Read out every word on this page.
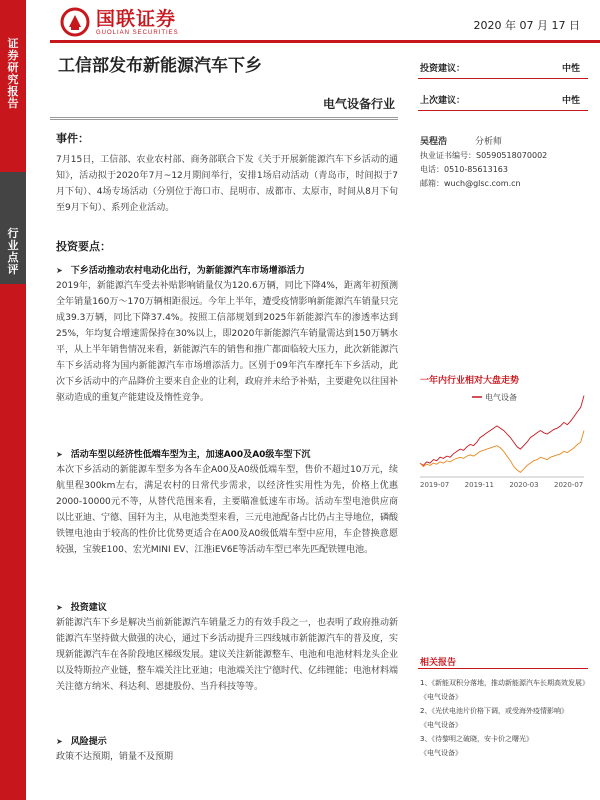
证券研究报告
行业点评
国联证券
GUOLIAN SECURITIES
2020 年 07 月 17 日
工信部发布新能源汽车下乡
电气设备行业
投资建议：	中性
上次建议：	中性
吴程浩	分析师
执业证书编号：S0590518070002
电话：0510-85613163
邮箱：wuch@glsc.com.cn
一年内行业相对大盘走势
电气设备
2019-07 2019-11 2020-03 2020-07
相关报告
1、《新能双积分落地，推动新能源汽车长期高效发展》
《电气设备》
2、《光伏电池片价格下调，或受海外疫情影响》
《电气设备》
3、《待黎明之破晓，安卡价之曙光》
《电气设备》
事件：
7月15日，工信部、农业农村部、商务部联合下发《关于开展新能源汽车下乡活动的通知》，活动拟于2020年7月~12月期间举行，安排1场启动活动（青岛市，时间拟于7月下旬）、4场专场活动（分别位于海口市、昆明市、成都市、太原市，时间从8月下旬至9月下旬）、系列企业活动。
投资要点：
➤ 下乡活动推动农村电动化出行，为新能源汽车市场增添活力
2019年，新能源汽车受去补贴影响销量仅为120.6万辆，同比下降4%，距离年初预测全年销量160万～170万辆相距很远。今年上半年，遭受疫情影响新能源汽车销量只完成39.3万辆，同比下降37.4%。按照工信部规划到2025年新能源汽车的渗透率达到25%，年均复合增速需保持在30%以上，即2020年新能源汽车销量需达到150万辆水平，从上半年销售情况来看，新能源汽车的销售和推广都面临较大压力，此次新能源汽车下乡活动将为国内新能源汽车市场增添活力。区别于09年汽车摩托车下乡活动，此次下乡活动中的产品降价主要来自企业的让利，政府并未给予补贴，主要避免以往国补驱动造成的重复产能建设及惰性竞争。
➤ 活动车型以经济性低端车型为主，加速A00及A0级车型下沉
本次下乡活动的新能源车型多为各车企A00及A0级低端车型，售价不超过10万元，续航里程300km左右，满足农村的日常代步需求，以经济性实用性为先，价格上优惠2000-10000元不等，从替代范围来看，主要瞄准低速车市场。活动车型电池供应商以比亚迪、宁德、国轩为主，从电池类型来看，三元电池配备占比仍占主导地位，磷酸铁锂电池由于较高的性价比优势更适合在A00及A0级低端车型中应用，车企替换意愿较强，宝骏E100、宏光MINI EV、江淮iEV6E等活动车型已率先匹配铁锂电池。
➤ 投资建议
新能源汽车下乡是解决当前新能源汽车销量乏力的有效手段之一，也表明了政府推动新能源汽车坚持做大做强的决心，通过下乡活动提升三四线城市新能源汽车的普及度，实现新能源汽车在各阶段地区梯级发展。建议关注新能源整车、电池和电池材料龙头企业以及特斯拉产业链，整车端关注比亚迪；电池端关注宁德时代、亿纬锂能；电池材料端关注德方纳米、科达利、恩捷股份、当升科技等等。
➤ 风险提示
政策不达预期，销量不及预期
